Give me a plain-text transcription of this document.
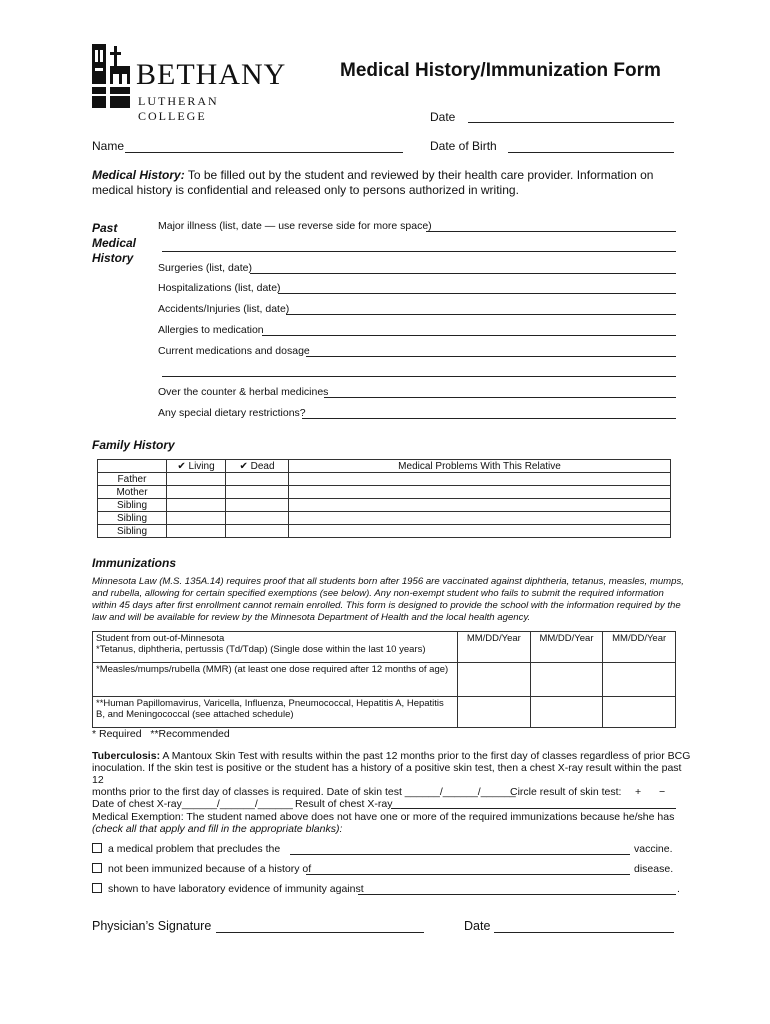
BETHANY
LUTHERAN COLLEGE
Medical History/Immunization Form
Date
Name	Date of Birth
Medical History: To be filled out by the student and reviewed by their health care provider. Information on medical history is confidential and released only to persons authorized in writing.
Past
Medical
History
Major illness (list, date — use reverse side for more space)
Surgeries (list, date)
Hospitalizations (list, date)
Accidents/Injuries (list, date)
Allergies to medication
Current medications and dosage
Over the counter & herbal medicines
Any special dietary restrictions?
Family History
	✔ Living	✔ Dead	Medical Problems With This Relative
Father			
Mother			
Sibling			
Sibling			
Sibling			
Immunizations
Minnesota Law (M.S. 135A.14) requires proof that all students born after 1956 are vaccinated against diphtheria, tetanus, measles, mumps, and rubella, allowing for certain specified exemptions (see below). Any non-exempt student who fails to submit the required information within 45 days after first enrollment cannot remain enrolled. This form is designed to provide the school with the information required by the law and will be available for review by the Minnesota Department of Health and the local health agency.
Student from out-of-Minnesota
*Tetanus, diphtheria, pertussis (Td/Tdap) (Single dose within the last 10 years)	MM/DD/Year	MM/DD/Year	MM/DD/Year

*Measles/mumps/rubella (MMR) (at least one dose required after 12 months of age)			

**Human Papillomavirus, Varicella, Influenza, Pneumococcal, Hepatitis A, Hepatitis
B, and Meningococcal (see attached schedule)			

* Required   **Recommended
Tuberculosis: A Mantoux Skin Test with results within the past 12 months prior to the first day of classes regardless of prior BCG
inoculation. If the skin test is positive or the student has a history of a positive skin test, then a chest X-ray result within the past 12
months prior to the first day of classes is required. Date of skin test ______/______/______
Circle result of skin test: + −
Date of chest X-ray______/______/______ Result of chest X-ray
Medical Exemption: The student named above does not have one or more of the required immunizations because he/she has
(check all that apply and fill in the appropriate blanks):
a medical problem that precludes the	vaccine.
not been immunized because of a history of	disease.
shown to have laboratory evidence of immunity against	.
Physician’s Signature	Date
